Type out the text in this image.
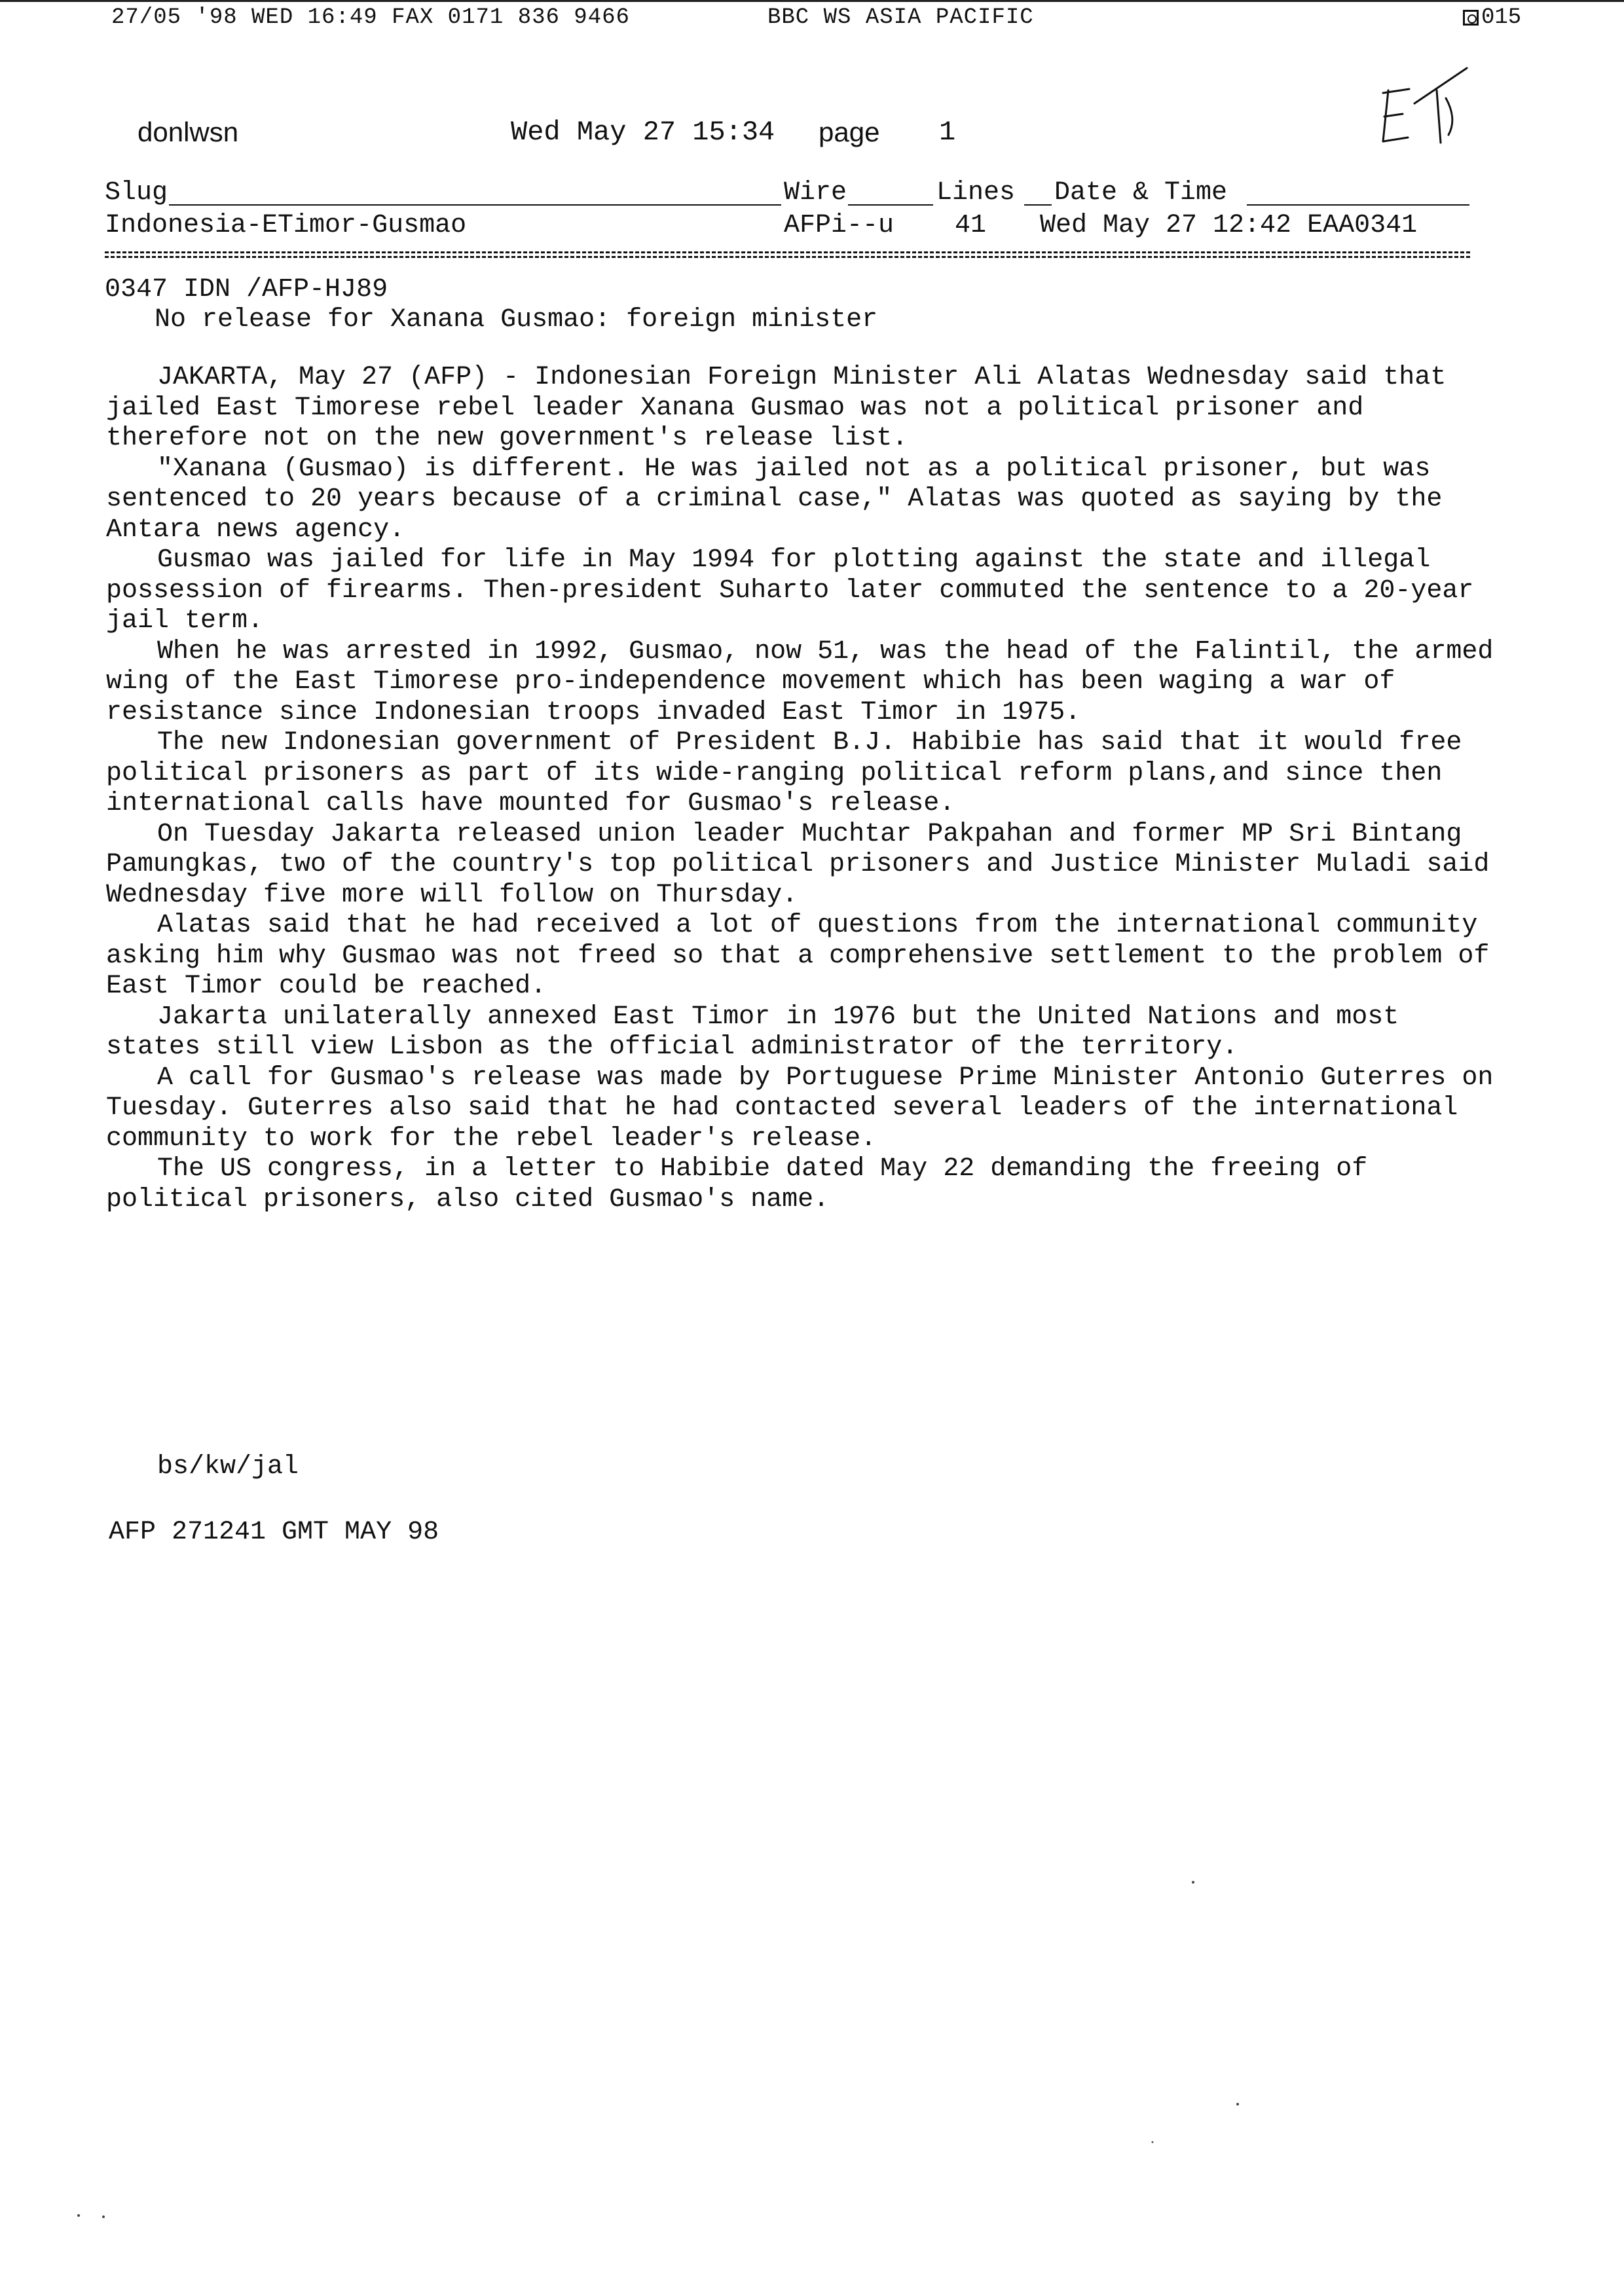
27/05 '98 WED 16:49 FAX 0171 836 9466	BBC WS ASIA PACIFIC	015
donlwsn	Wed May 27 15:34 page 1
Slug	Wire	Lines Date & Time
Indonesia-ETimor-Gusmao	AFPi--u 41 Wed May 27 12:42 EAA0341
0347 IDN /AFP-HJ89
No release for Xanana Gusmao: foreign minister

JAKARTA, May 27 (AFP) - Indonesian Foreign Minister Ali Alatas Wednesday said that jailed East Timorese rebel leader Xanana Gusmao was not a political prisoner and therefore not on the new government's release list.

"Xanana (Gusmao) is different. He was jailed not as a political prisoner, but was sentenced to 20 years because of a criminal case," Alatas was quoted as saying by the Antara news agency.

Gusmao was jailed for life in May 1994 for plotting against the state and illegal possession of firearms. Then-president Suharto later commuted the sentence to a 20-year jail term.

When he was arrested in 1992, Gusmao, now 51, was the head of the Falintil, the armed wing of the East Timorese pro-independence movement which has been waging a war of resistance since Indonesian troops invaded East Timor in 1975.

The new Indonesian government of President B.J. Habibie has said that it would free political prisoners as part of its wide-ranging political reform plans,and since then international calls have mounted for Gusmao's release.

On Tuesday Jakarta released union leader Muchtar Pakpahan and former MP Sri Bintang Pamungkas, two of the country's top political prisoners and Justice Minister Muladi said Wednesday five more will follow on Thursday.

Alatas said that he had received a lot of questions from the international community asking him why Gusmao was not freed so that a comprehensive settlement to the problem of East Timor could be reached.

Jakarta unilaterally annexed East Timor in 1976 but the United Nations and most states still view Lisbon as the official administrator of the territory.

A call for Gusmao's release was made by Portuguese Prime Minister Antonio Guterres on Tuesday. Guterres also said that he had contacted several leaders of the international community to work for the rebel leader's release.

The US congress, in a letter to Habibie dated May 22 demanding the freeing of political prisoners, also cited Gusmao's name.

bs/kw/jal
AFP 271241 GMT MAY 98
